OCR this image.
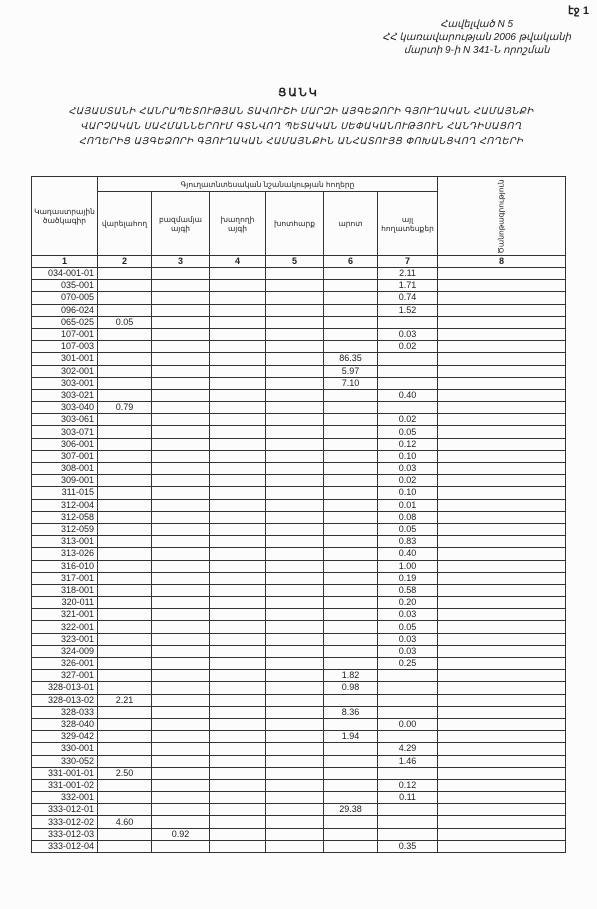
էջ 1
Հավելված N 5
ՀՀ կառավարության 2006 թվականի
մարտի 9-ի N 341-Ն որոշման
ՑԱՆԿ
ՀԱՅԱՍՏԱՆԻ ՀԱՆՐԱՊԵՏՈՒԹՅԱՆ ՏԱՎՈՒՇԻ ՄԱՐԶԻ ԱՅԳԵՁՈՐԻ ԳՅՈՒՂԱԿԱՆ ՀԱՄԱՅՆՔԻ
ՎԱՐՉԱԿԱՆ ՍԱՀՄԱՆՆԵՐՈՒՄ ԳՏՆՎՈՂ ՊԵՏԱԿԱՆ ՍԵՓԱԿԱՆՈՒԹՅՈՒՆ ՀԱՆԴԻՍԱՑՈՂ
ՀՈՂԵՐԻՑ ԱՅԳԵՁՈՐԻ ԳՅՈՒՂԱԿԱՆ ՀԱՄԱՅՆՔԻՆ ԱՆՀԱՏՈՒՅՑ ՓՈԽԱՆՑՎՈՂ ՀՈՂԵՐԻ
Կադաստրային ծածկագիր	Գյուղատնտեսական նշանակության հողերը						Ծանոթագրություն
	վարելահող	բազմամյա այգի	խաղողի այգի	խոտհարք	արոտ	այլ հողատեսքեր	
1	2	3	4	5	6	7	8
034-001-01						2.11	
035-001						1.71	
070-005						0.74	
096-024						1.52	
065-025	0.05						
107-001						0.03	
107-003						0.02	
301-001					86.35		
302-001					5.97		
303-001					7.10		
303-021						0.40	
303-040	0.79						
303-061						0.02	
303-071						0.05	
306-001						0.12	
307-001						0.10	
308-001						0.03	
309-001						0.02	
311-015						0.10	
312-004						0.01	
312-058						0.08	
312-059						0.05	
313-001						0.83	
313-026						0.40	
316-010						1.00	
317-001						0.19	
318-001						0.58	
320-011						0.20	
321-001						0.03	
322-001						0.05	
323-001						0.03	
324-009						0.03	
326-001						0.25	
327-001					1.82		
328-013-01					0.98		
328-013-02	2.21						
328-033					8.36		
328-040						0.00	
329-042					1.94		
330-001						4.29	
330-052						1.46	
331-001-01	2.50						
331-001-02						0.12	
332-001						0.11	
333-012-01					29.38		
333-012-02	4.60						
333-012-03		0.92					
333-012-04						0.35	
